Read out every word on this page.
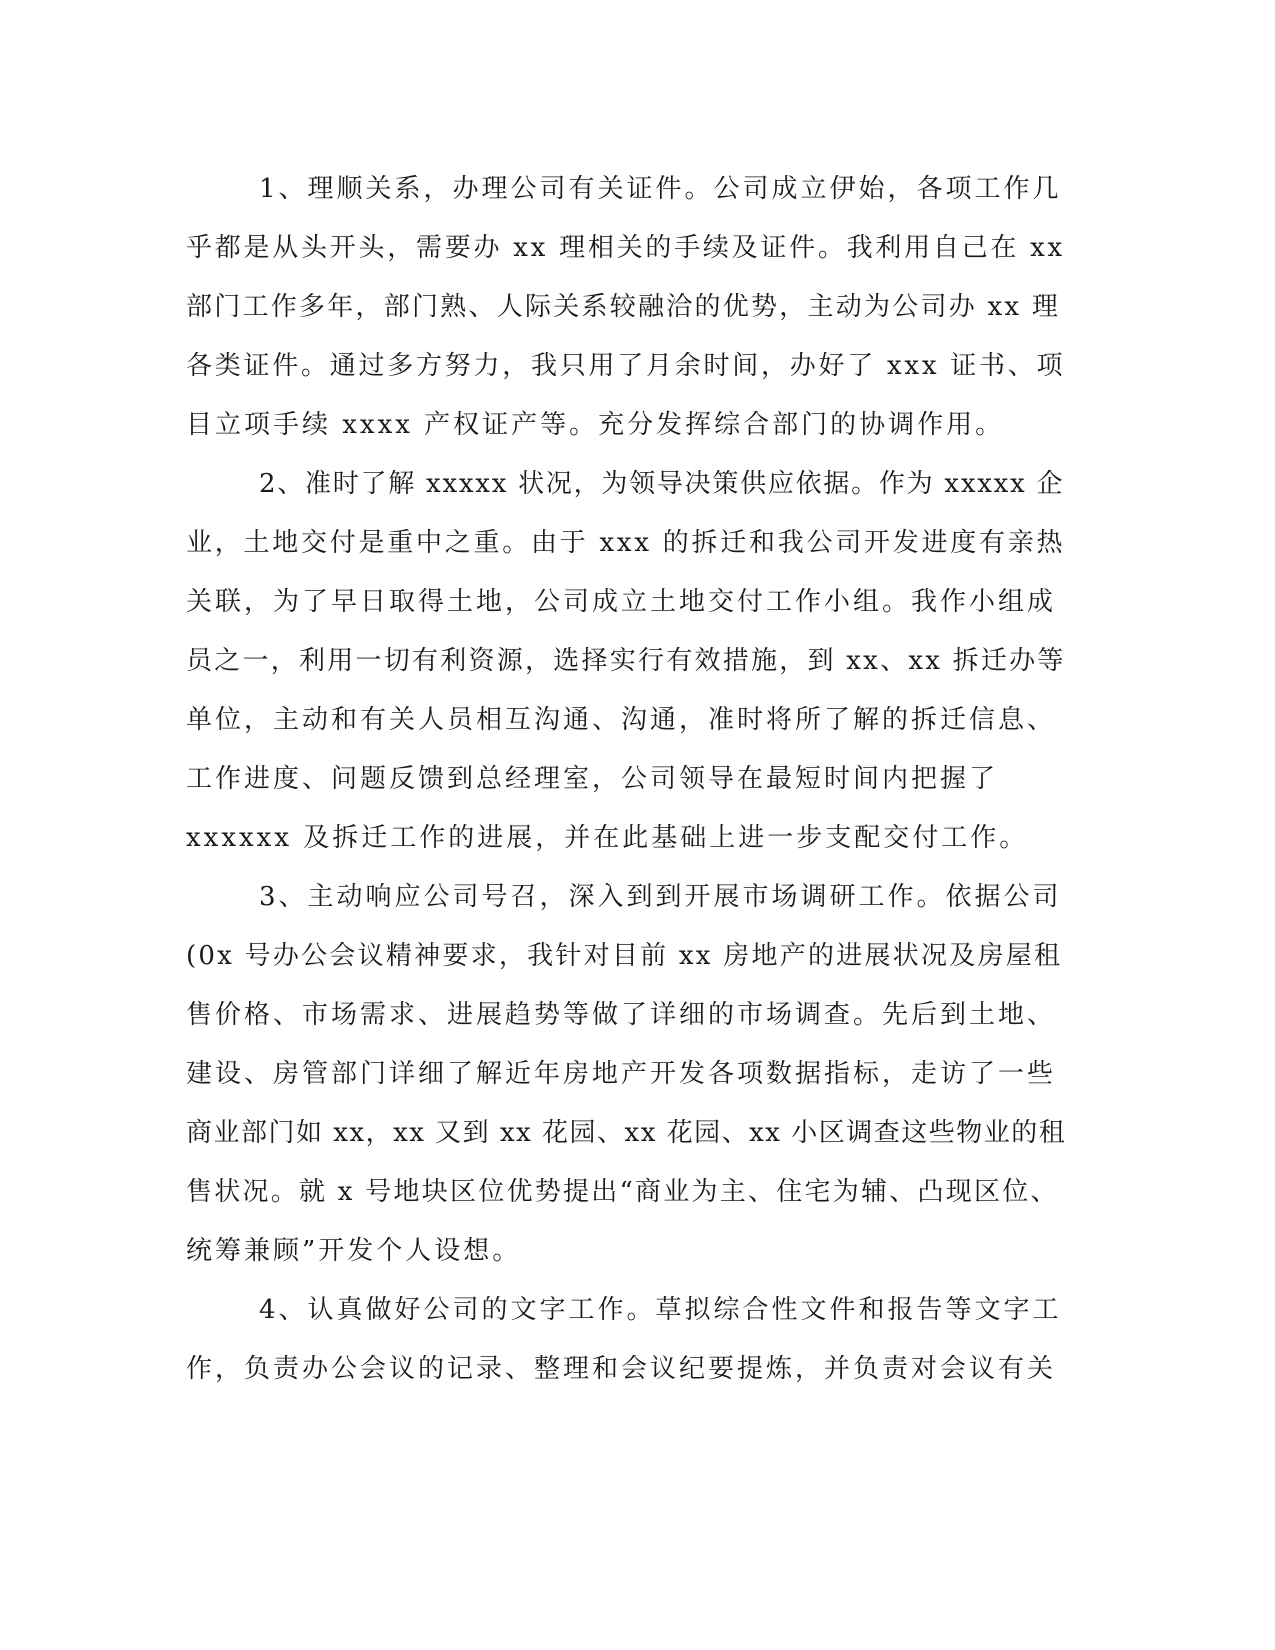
1、理顺关系，办理公司有关证件。公司成立伊始，各项工作几
乎都是从头开头，需要办 xx 理相关的手续及证件。我利用自己在 xx
部门工作多年，部门熟、人际关系较融洽的优势，主动为公司办 xx 理
各类证件。通过多方努力，我只用了月余时间，办好了 xxx 证书、项
目立项手续 xxxx 产权证产等。充分发挥综合部门的协调作用。
2、准时了解 xxxxx 状况，为领导决策供应依据。作为 xxxxx 企
业，土地交付是重中之重。由于 xxx 的拆迁和我公司开发进度有亲热
关联，为了早日取得土地，公司成立土地交付工作小组。我作小组成
员之一，利用一切有利资源，选择实行有效措施，到 xx、xx 拆迁办等
单位，主动和有关人员相互沟通、沟通，准时将所了解的拆迁信息、
工作进度、问题反馈到总经理室，公司领导在最短时间内把握了
xxxxxx 及拆迁工作的进展，并在此基础上进一步支配交付工作。
3、主动响应公司号召，深入到到开展市场调研工作。依据公司
(0x 号办公会议精神要求，我针对目前 xx 房地产的进展状况及房屋租
售价格、市场需求、进展趋势等做了详细的市场调查。先后到土地、
建设、房管部门详细了解近年房地产开发各项数据指标，走访了一些
商业部门如 xx，xx 又到 xx 花园、xx 花园、xx 小区调查这些物业的租
售状况。就 x 号地块区位优势提出“商业为主、住宅为辅、凸现区位、
统筹兼顾”开发个人设想。
4、认真做好公司的文字工作。草拟综合性文件和报告等文字工
作，负责办公会议的记录、整理和会议纪要提炼，并负责对会议有关
